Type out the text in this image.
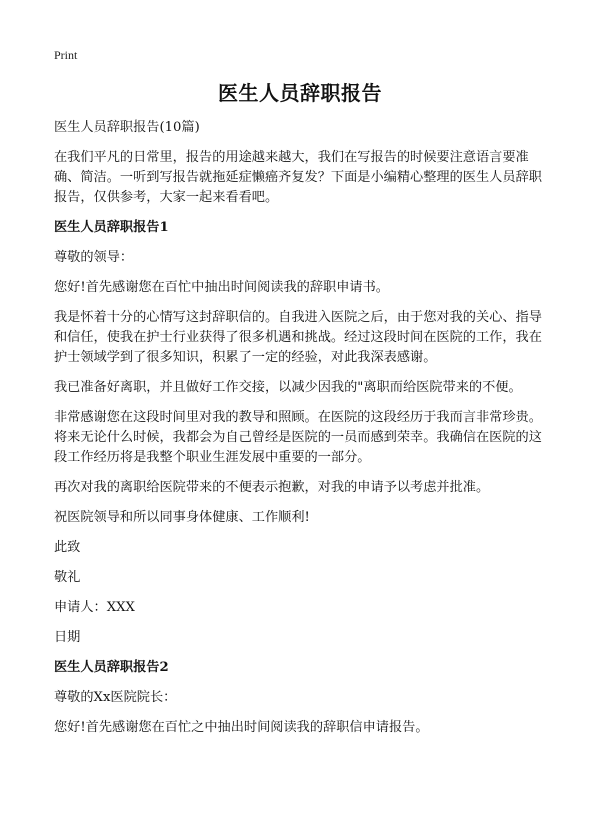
Print
医生人员辞职报告

医生人员辞职报告(10篇)

在我们平凡的日常里，报告的用途越来越大，我们在写报告的时候要注意语言要准确、简洁。一听到写报告就拖延症懒癌齐复发？下面是小编精心整理的医生人员辞职报告，仅供参考，大家一起来看看吧。

医生人员辞职报告1

尊敬的领导：

您好!首先感谢您在百忙中抽出时间阅读我的辞职申请书。

我是怀着十分的心情写这封辞职信的。自我进入医院之后，由于您对我的关心、指导和信任，使我在护士行业获得了很多机遇和挑战。经过这段时间在医院的工作，我在护士领域学到了很多知识，积累了一定的经验，对此我深表感谢。

我已准备好离职，并且做好工作交接，以减少因我的"离职而给医院带来的不便。

非常感谢您在这段时间里对我的教导和照顾。在医院的这段经历于我而言非常珍贵。将来无论什么时候，我都会为自己曾经是医院的一员而感到荣幸。我确信在医院的这段工作经历将是我整个职业生涯发展中重要的一部分。

再次对我的离职给医院带来的不便表示抱歉，对我的申请予以考虑并批准。

祝医院领导和所以同事身体健康、工作顺利!

此致

敬礼

申请人：XXX

日期

医生人员辞职报告2

尊敬的Xx医院院长：

您好!首先感谢您在百忙之中抽出时间阅读我的辞职信申请报告。
